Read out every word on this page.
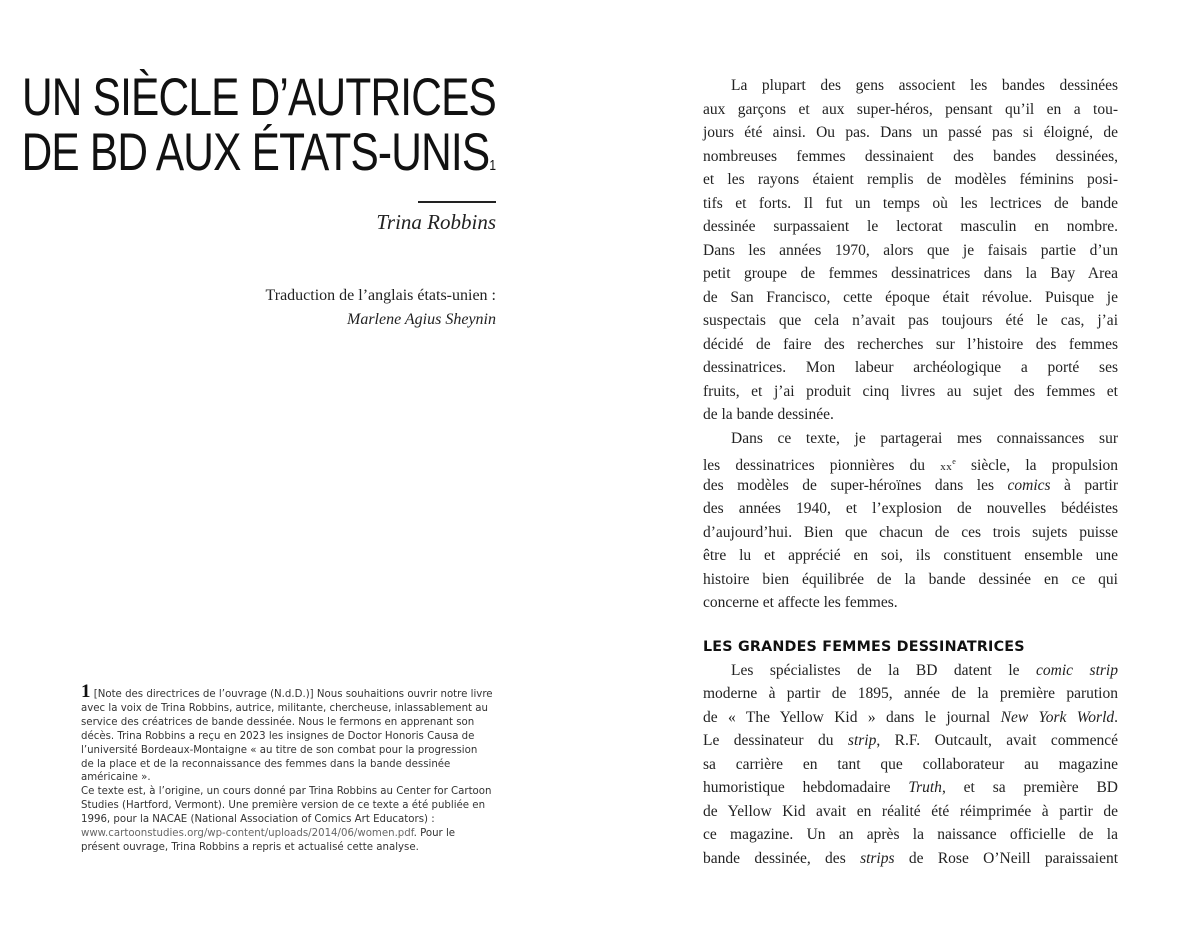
UN SIÈCLE D’AUTRICES
DE BD AUX ÉTATS-UNIS1
Trina Robbins
Traduction de l’anglais états-unien :
Marlene Agius Sheynin
1 [Note des directrices de l’ouvrage (N.d.D.)] Nous souhaitions ouvrir notre livre avec la voix de Trina Robbins, autrice, militante, chercheuse, inlassablement au service des créatrices de bande dessinée. Nous le fermons en apprenant son décès. Trina Robbins a reçu en 2023 les insignes de Doctor Honoris Causa de l’université Bordeaux-Montaigne « au titre de son combat pour la progression de la place et de la reconnaissance des femmes dans la bande dessinée américaine ».
Ce texte est, à l’origine, un cours donné par Trina Robbins au Center for Cartoon Studies (Hartford, Vermont). Une première version de ce texte a été publiée en 1996, pour la NACAE (National Association of Comics Art Educators) : www.cartoonstudies.org/wp-content/uploads/2014/06/women.pdf. Pour le présent ouvrage, Trina Robbins a repris et actualisé cette analyse.
La plupart des gens associent les bandes dessinées
aux garçons et aux super-héros, pensant qu’il en a tou-
jours été ainsi. Ou pas. Dans un passé pas si éloigné, de
nombreuses femmes dessinaient des bandes dessinées,
et les rayons étaient remplis de modèles féminins posi-
tifs et forts. Il fut un temps où les lectrices de bande
dessinée surpassaient le lectorat masculin en nombre.
Dans les années 1970, alors que je faisais partie d’un
petit groupe de femmes dessinatrices dans la Bay Area
de San Francisco, cette époque était révolue. Puisque je
suspectais que cela n’avait pas toujours été le cas, j’ai
décidé de faire des recherches sur l’histoire des femmes
dessinatrices. Mon labeur archéologique a porté ses
fruits, et j’ai produit cinq livres au sujet des femmes et
de la bande dessinée.
Dans ce texte, je partagerai mes connaissances sur
les dessinatrices pionnières du $xx^e$ siècle, la propulsion
des modèles de super-héroïnes dans les comics à partir
des années 1940, et l’explosion de nouvelles bédéistes
d’aujourd’hui. Bien que chacun de ces trois sujets puisse
être lu et apprécié en soi, ils constituent ensemble une
histoire bien équilibrée de la bande dessinée en ce qui
concerne et affecte les femmes.
LES GRANDES FEMMES DESSINATRICES
Les spécialistes de la BD datent le comic strip
moderne à partir de 1895, année de la première parution
de « The Yellow Kid » dans le journal New York World.
Le dessinateur du strip, R.F. Outcault, avait commencé
sa carrière en tant que collaborateur au magazine
humoristique hebdomadaire Truth, et sa première BD
de Yellow Kid avait en réalité été réimprimée à partir de
ce magazine. Un an après la naissance officielle de la
bande dessinée, des strips de Rose O’Neill paraissaient
